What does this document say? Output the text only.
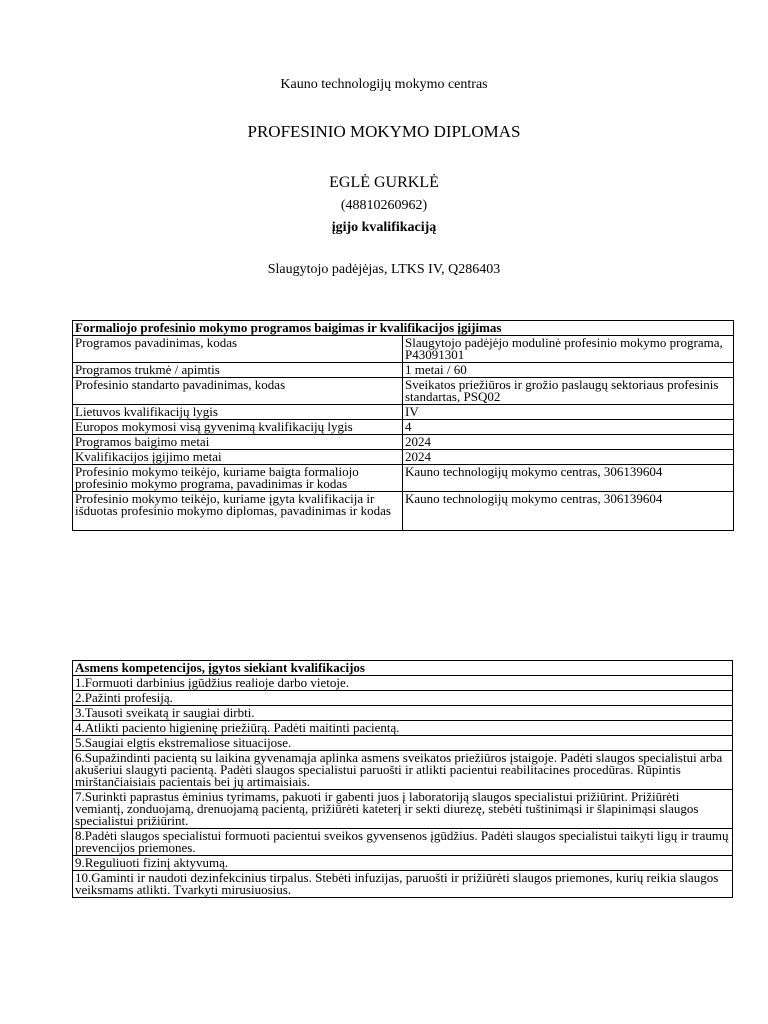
Kauno technologijų mokymo centras
PROFESINIO MOKYMO DIPLOMAS
EGLĖ GURKLĖ
(48810260962)
įgijo kvalifikaciją
Slaugytojo padėjėjas, LTKS IV, Q286403
Formaliojo profesinio mokymo programos baigimas ir kvalifikacijos įgijimas	
Programos pavadinimas, kodas	Slaugytojo padėjėjo modulinė profesinio mokymo programa, P43091301
Programos trukmė / apimtis	1 metai / 60
Profesinio standarto pavadinimas, kodas	Sveikatos priežiūros ir grožio paslaugų sektoriaus profesinis standartas, PSQ02
Lietuvos kvalifikacijų lygis	IV
Europos mokymosi visą gyvenimą kvalifikacijų lygis	4
Programos baigimo metai	2024
Kvalifikacijos įgijimo metai	2024
Profesinio mokymo teikėjo, kuriame baigta formaliojo profesinio mokymo programa, pavadinimas ir kodas	Kauno technologijų mokymo centras, 306139604
Profesinio mokymo teikėjo, kuriame įgyta kvalifikacija ir išduotas profesinio mokymo diplomas, pavadinimas ir kodas	Kauno technologijų mokymo centras, 306139604
Asmens kompetencijos, įgytos siekiant kvalifikacijos
1.Formuoti darbinius įgūdžius realioje darbo vietoje.
2.Pažinti profesiją.
3.Tausoti sveikatą ir saugiai dirbti.
4.Atlikti paciento higieninę priežiūrą. Padėti maitinti pacientą.
5.Saugiai elgtis ekstremaliose situacijose.
6.Supažindinti pacientą su laikina gyvenamąja aplinka asmens sveikatos priežiūros įstaigoje. Padėti slaugos specialistui arba akušeriui slaugyti pacientą. Padėti slaugos specialistui paruošti ir atlikti pacientui reabilitacines procedūras. Rūpintis mirštančiaisiais pacientais bei jų artimaisiais.
7.Surinkti paprastus ėminius tyrimams, pakuoti ir gabenti juos į laboratoriją slaugos specialistui prižiūrint. Prižiūrėti vemiantį, zonduojamą, drenuojamą pacientą, prižiūrėti kateterį ir sekti diurezę, stebėti tuštinimąsi ir šlapinimąsi slaugos specialistui prižiūrint.
8.Padėti slaugos specialistui formuoti pacientui sveikos gyvensenos įgūdžius. Padėti slaugos specialistui taikyti ligų ir traumų prevencijos priemones.
9.Reguliuoti fizinį aktyvumą.
10.Gaminti ir naudoti dezinfekcinius tirpalus. Stebėti infuzijas, paruošti ir prižiūrėti slaugos priemones, kurių reikia slaugos veiksmams atlikti. Tvarkyti mirusiuosius.
